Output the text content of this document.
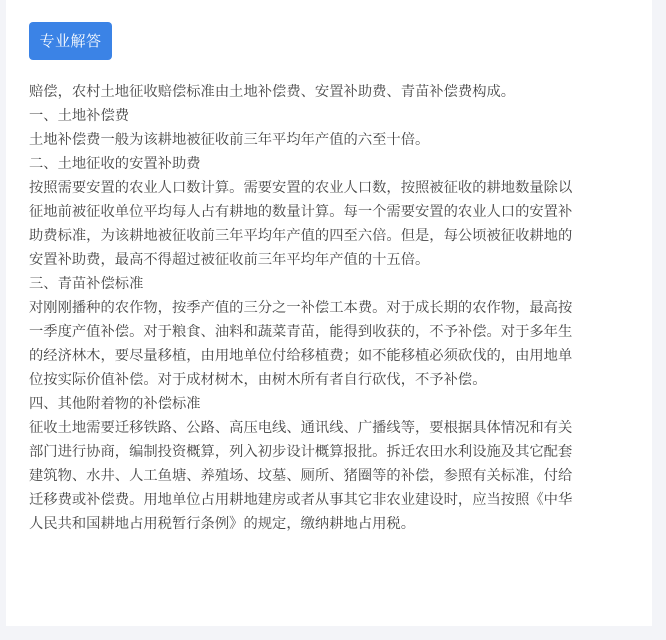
专业解答

赔偿，农村土地征收赔偿标准由土地补偿费、安置补助费、青苗补偿费构成。

一、土地补偿费

土地补偿费一般为该耕地被征收前三年平均年产值的六至十倍。

二、土地征收的安置补助费

按照需要安置的农业人口数计算。需要安置的农业人口数，按照被征收的耕地数量除以

征地前被征收单位平均每人占有耕地的数量计算。每一个需要安置的农业人口的安置补

助费标准，为该耕地被征收前三年平均年产值的四至六倍。但是，每公顷被征收耕地的

安置补助费，最高不得超过被征收前三年平均年产值的十五倍。

三、青苗补偿标准

对刚刚播种的农作物，按季产值的三分之一补偿工本费。对于成长期的农作物，最高按

一季度产值补偿。对于粮食、油料和蔬菜青苗，能得到收获的，不予补偿。对于多年生

的经济林木，要尽量移植，由用地单位付给移植费；如不能移植必须砍伐的，由用地单

位按实际价值补偿。对于成材树木，由树木所有者自行砍伐，不予补偿。

四、其他附着物的补偿标准

征收土地需要迁移铁路、公路、高压电线、通讯线、广播线等，要根据具体情况和有关

部门进行协商，编制投资概算，列入初步设计概算报批。拆迁农田水利设施及其它配套

建筑物、水井、人工鱼塘、养殖场、坟墓、厕所、猪圈等的补偿，参照有关标准，付给

迁移费或补偿费。用地单位占用耕地建房或者从事其它非农业建设时，应当按照《中华

人民共和国耕地占用税暂行条例》的规定，缴纳耕地占用税。
